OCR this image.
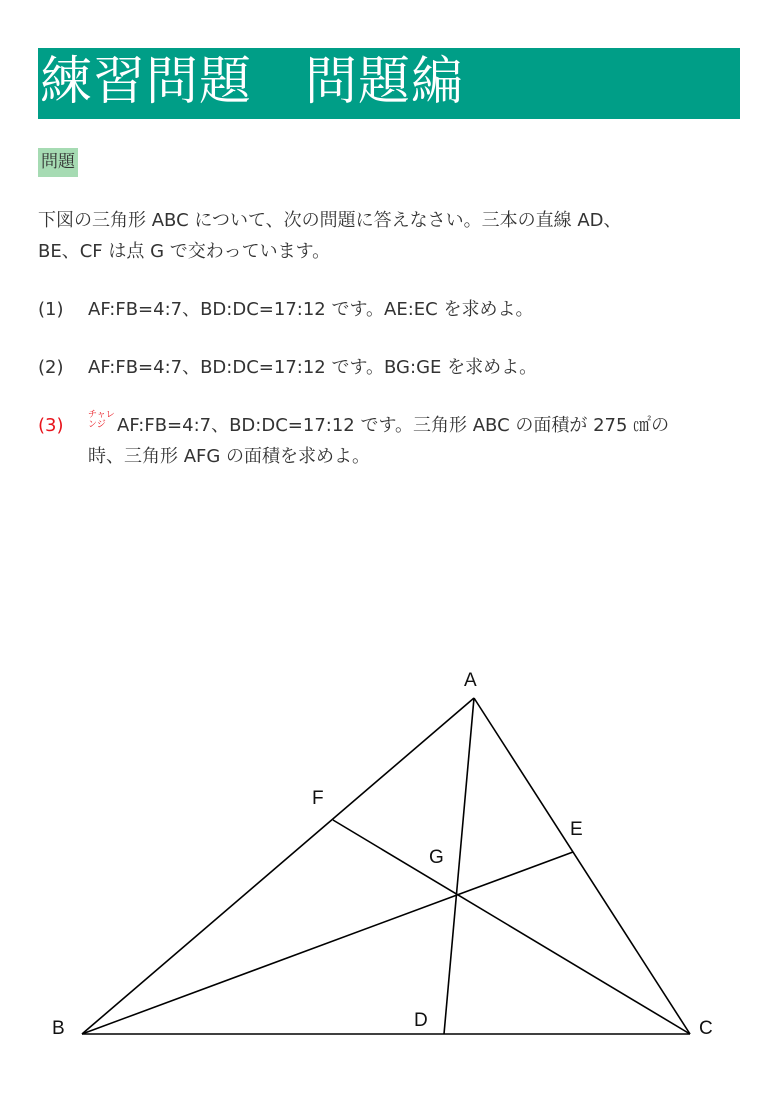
練習問題　問題編
問題
下図の三角形 ABC について、次の問題に答えなさい。三本の直線 AD、
BE、CF は点 G で交わっています。
(1) AF:FB=4:7、BD:DC=17:12 です。AE:EC を求めよ。
(2) AF:FB=4:7、BD:DC=17:12 です。BG:GE を求めよ。
(3)	チャレ
ンジ AF:FB=4:7、BD:DC=17:12 です。三角形 ABC の面積が 275 ㎠の
時、三角形 AFG の面積を求めよ。
A
B	C
D
E
F
G
